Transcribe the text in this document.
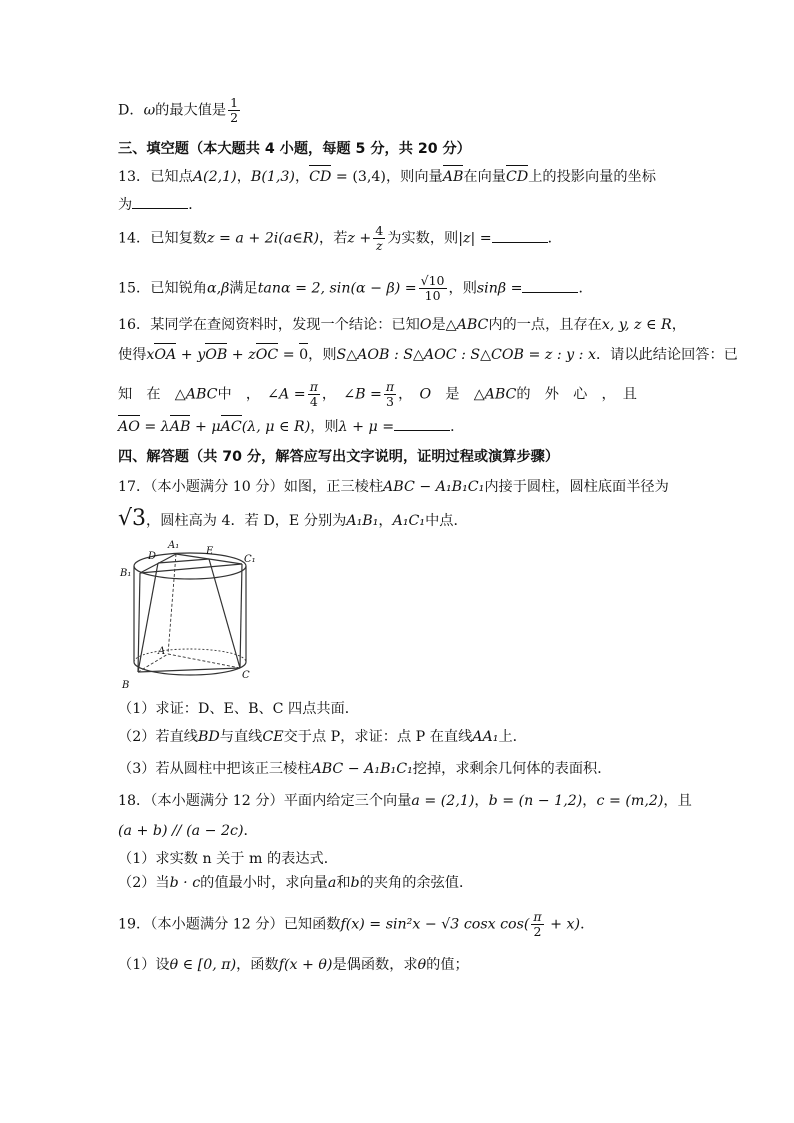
D．ω的最大值是 $\frac{1}{2}$
三、填空题（本大题共 4 小题，每题 5 分，共 20 分）
13．已知点A(2,1)，B(1,3)，CD = (3,4)，则向量AB在向量CD上的投影向量的坐标
为	．
14．已知复数z = a + 2i(a∈R)，若$z + \frac{4}{z}$ 为实数，则|z| =	．
15．已知锐角α,β满足tanα = 2, $\sin(\alpha - \beta) = \frac{√10}{10}$ ，则sinβ =	．
16．某同学在查阅资料时，发现一个结论：已知O是△ABC内的一点，且存在x, y, z ∈ R，
使得xOA + yOB + zOC = 0，则S△AOB : S△AOC : S△COB = z : y : x．请以此结论回答：已
知　在　 △ABC中　，　 ∠A = $\frac{\pi}{4}$ ，　 ∠B = $\frac{\pi}{3}$ ，　 O　 是　 △ABC的　外　心　，　且
AO = λAB + μAC(λ, μ ∈ R)，则λ + μ =	．
四、解答题（共 70 分，解答应写出文字说明，证明过程或演算步骤）
17．（本小题满分 10 分）如图，正三棱柱ABC − A₁B₁C₁内接于圆柱，圆柱底面半径为
√3，圆柱高为 4．若 D，E 分别为A₁B₁，A₁C₁中点．
A₁
D	E
C₁
B₁
A
B
C
（1）求证：D、E、B、C 四点共面．
（2）若直线BD与直线CE交于点 P，求证：点 P 在直线AA₁上．
（3）若从圆柱中把该正三棱柱ABC − A₁B₁C₁挖掉，求剩余几何体的表面积．
18．（本小题满分 12 分）平面内给定三个向量a = (2,1)，b = (n − 1,2)，c = (m,2)，且
(a + b) // (a − 2c)．
（1）求实数 n 关于 m 的表达式．
（2）当b · c的值最小时，求向量a和b的夹角的余弦值．
19．（本小题满分 12 分）已知函数f(x) = sin²x − √3 cosx $\cos( \frac{\pi}{2} + x)$．
（1）设θ ∈ [0, π)，函数f(x + θ)是偶函数，求θ的值；
